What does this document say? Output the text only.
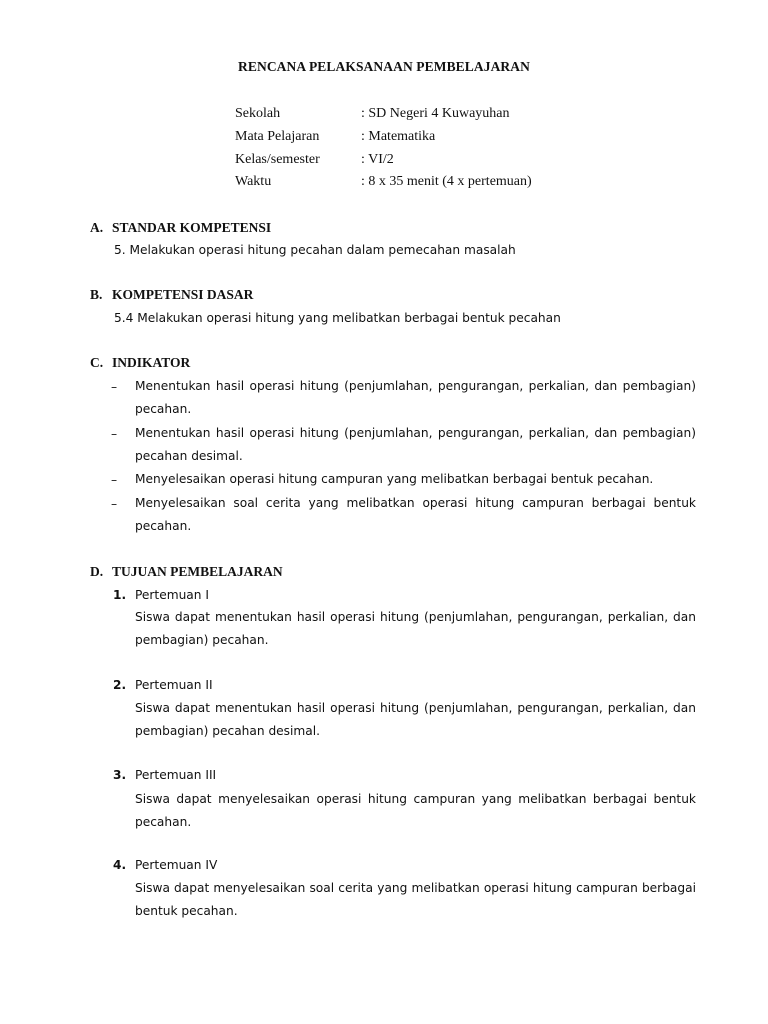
RENCANA PELAKSANAAN PEMBELAJARAN
Sekolah	: SD Negeri 4 Kuwayuhan
Mata Pelajaran	: Matematika
Kelas/semester	: VI/2
Waktu	: 8 x 35 menit (4 x pertemuan)
A. STANDAR KOMPETENSI
5. Melakukan operasi hitung pecahan dalam pemecahan masalah
B. KOMPETENSI DASAR
5.4 Melakukan operasi hitung yang melibatkan berbagai bentuk pecahan
C. INDIKATOR
– Menentukan hasil operasi hitung (penjumlahan, pengurangan, perkalian, dan pembagian)
pecahan.
– Menentukan hasil operasi hitung (penjumlahan, pengurangan, perkalian, dan pembagian)
pecahan desimal.
– Menyelesaikan operasi hitung campuran yang melibatkan berbagai bentuk pecahan.
– Menyelesaikan soal cerita yang melibatkan operasi hitung campuran berbagai bentuk
pecahan.
D. TUJUAN PEMBELAJARAN
1. Pertemuan I
Siswa dapat menentukan hasil operasi hitung (penjumlahan, pengurangan, perkalian, dan
pembagian) pecahan.
2. Pertemuan II
Siswa dapat menentukan hasil operasi hitung (penjumlahan, pengurangan, perkalian, dan
pembagian) pecahan desimal.
3. Pertemuan III
Siswa dapat menyelesaikan operasi hitung campuran yang melibatkan berbagai bentuk
pecahan.
4. Pertemuan IV
Siswa dapat menyelesaikan soal cerita yang melibatkan operasi hitung campuran berbagai
bentuk pecahan.
